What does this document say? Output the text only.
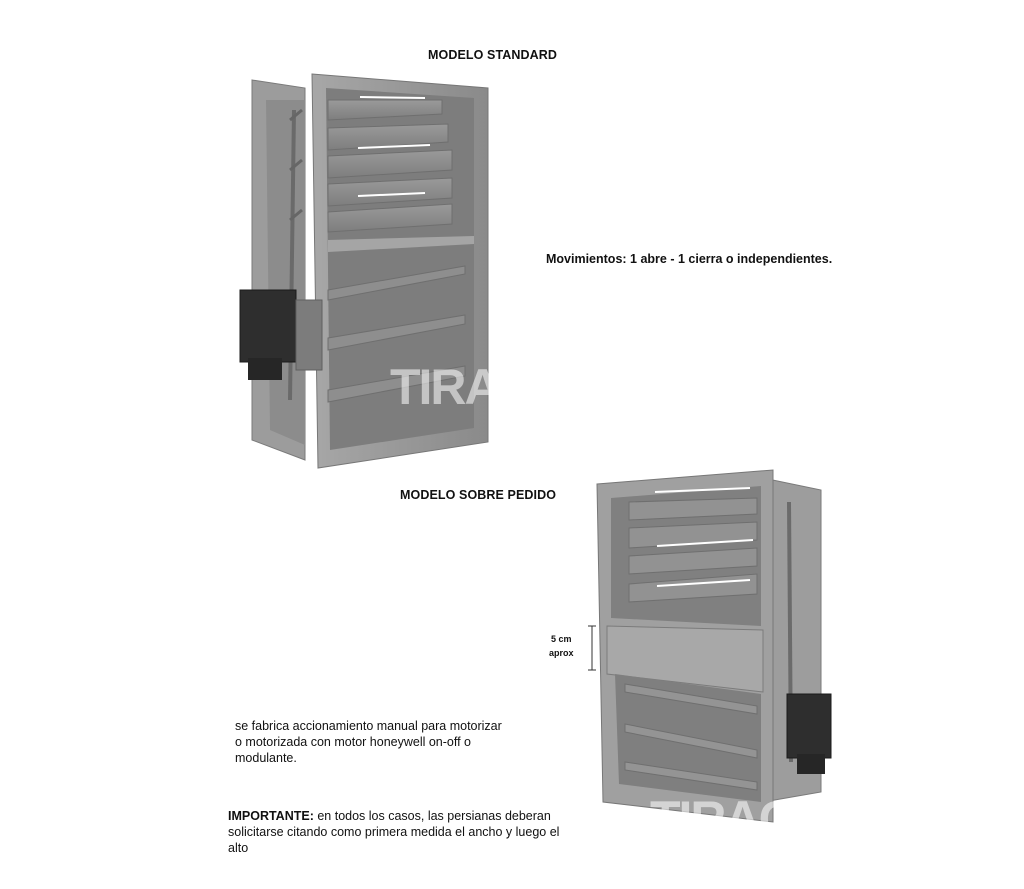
MODELO STANDARD
Movimientos: 1 abre - 1 cierra o independientes.
MODELO SOBRE PEDIDO
TIRAC
TIRAC
5 cm
aprox
se fabrica accionamiento manual para motorizar
o motorizada con motor honeywell on-off o
modulante.
IMPORTANTE: en todos los casos, las persianas deberan
solicitarse citando como primera medida el ancho y luego el
alto
